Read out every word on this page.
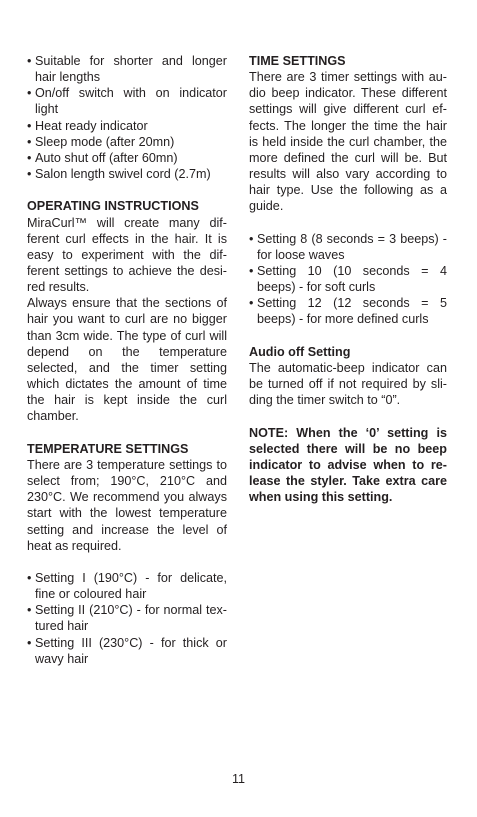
• Suitable for shorter and longer hair lengths
• On/off switch with on indicator light
• Heat ready indicator
• Sleep mode (after 20mn)
• Auto shut off (after 60mn)
• Salon length swivel cord (2.7m)
OPERATING INSTRUCTIONS

MiraCurl™ will create many different curl effects in the hair. It is easy to experiment with the different settings to achieve the desired results.

Always ensure that the sections of hair you want to curl are no bigger than 3cm wide. The type of curl will depend on the temperature selected, and the timer setting which dictates the amount of time the hair is kept inside the curl chamber.

TEMPERATURE SETTINGS

There are 3 temperature settings to select from; 190°C, 210°C and 230°C. We recommend you always start with the lowest temperature setting and increase the level of heat as required.

• Setting I (190°C) - for delicate, fine or coloured hair
• Setting II (210°C) - for normal textured hair
• Setting III (230°C) - for thick or wavy hair
TIME SETTINGS

There are 3 timer settings with audio beep indicator. These different settings will give different curl effects. The longer the time the hair is held inside the curl chamber, the more defined the curl will be. But results will also vary according to hair type. Use the following as a guide.

• Setting 8 (8 seconds = 3 beeps) - for loose waves
• Setting 10 (10 seconds = 4 beeps) - for soft curls
• Setting 12 (12 seconds = 5 beeps) - for more defined curls
Audio off Setting

The automatic-beep indicator can be turned off if not required by sliding the timer switch to “0”.

NOTE: When the ‘0’ setting is selected there will be no beep indicator to advise when to release the styler. Take extra care when using this setting.

11
